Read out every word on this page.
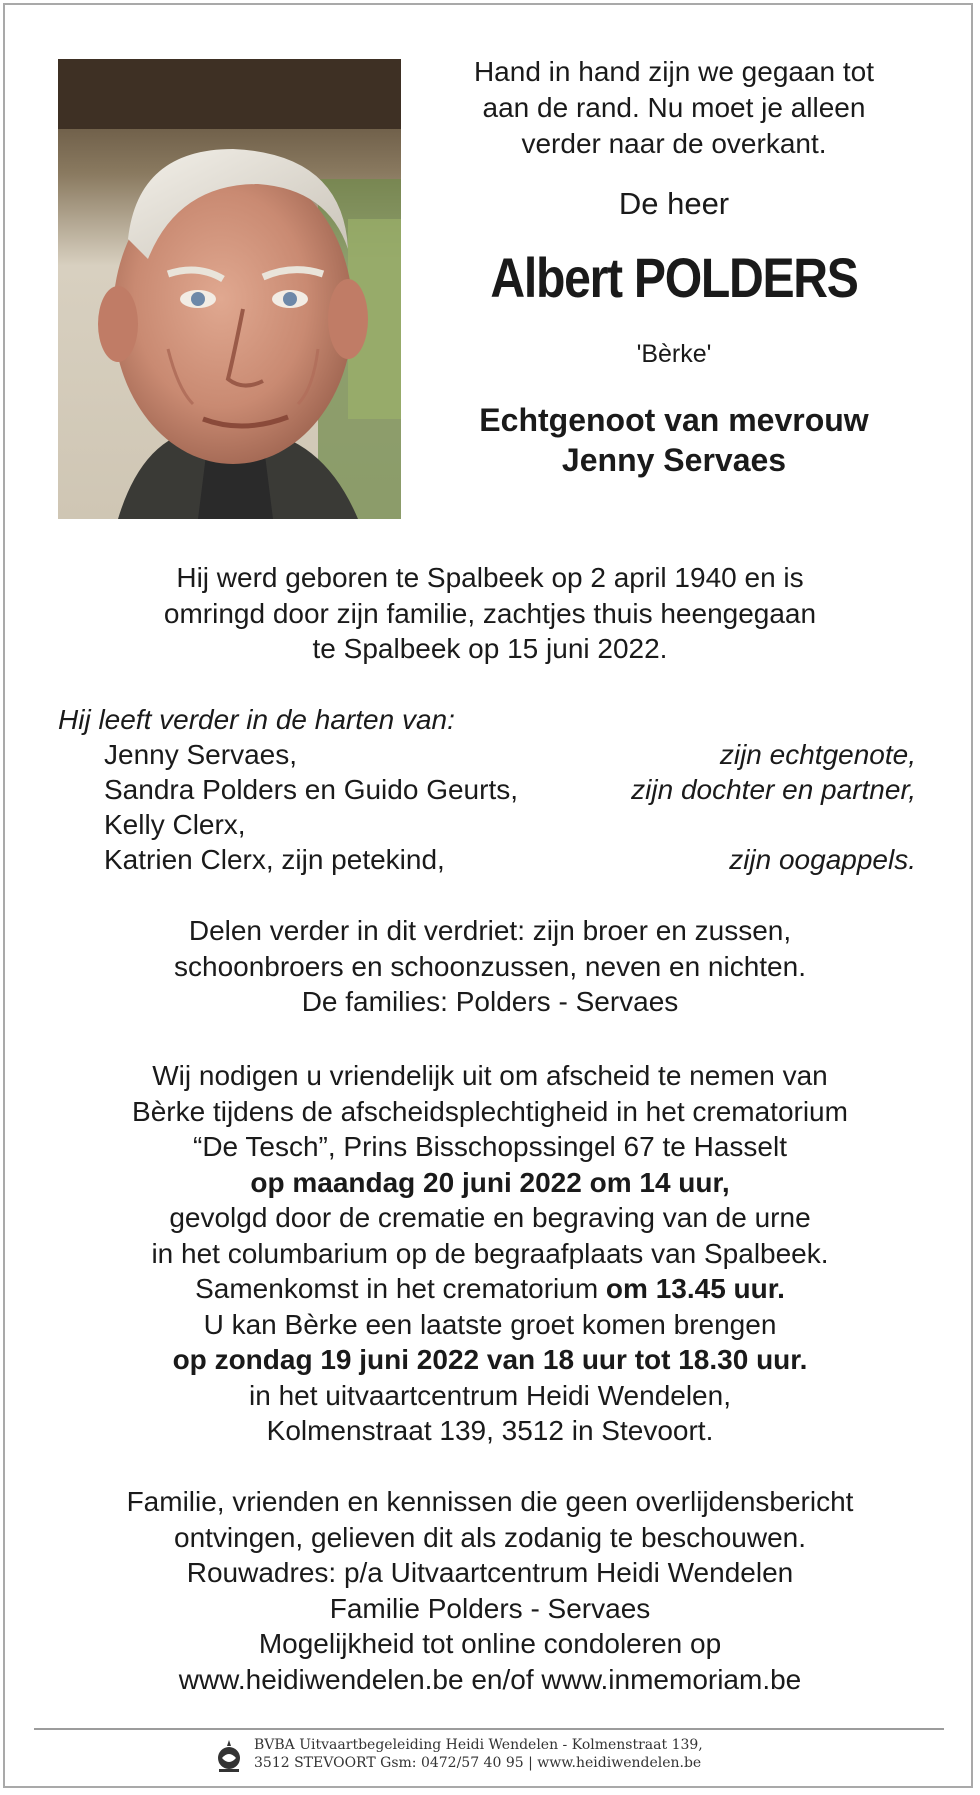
Hand in hand zijn we gegaan tot
aan de rand. Nu moet je alleen
verder naar de overkant.
De heer
Albert POLDERS
'Bèrke'
Echtgenoot van mevrouw
Jenny Servaes
Hij werd geboren te Spalbeek op 2 april 1940 en is
omringd door zijn familie, zachtjes thuis heengegaan
te Spalbeek op 15 juni 2022.
Hij leeft verder in de harten van:
Jenny Servaes,	zijn echtgenote,
Sandra Polders en Guido Geurts,	zijn dochter en partner,
Kelly Clerx,
Katrien Clerx, zijn petekind,	zijn oogappels.
Delen verder in dit verdriet: zijn broer en zussen,
schoonbroers en schoonzussen, neven en nichten.
De families: Polders - Servaes
Wij nodigen u vriendelijk uit om afscheid te nemen van
Bèrke tijdens de afscheidsplechtigheid in het crematorium
“De Tesch”, Prins Bisschopssingel 67 te Hasselt
op maandag 20 juni 2022 om 14 uur,
gevolgd door de crematie en begraving van de urne
in het columbarium op de begraafplaats van Spalbeek.
Samenkomst in het crematorium om 13.45 uur.
U kan Bèrke een laatste groet komen brengen
op zondag 19 juni 2022 van 18 uur tot 18.30 uur.
in het uitvaartcentrum Heidi Wendelen,
Kolmenstraat 139, 3512 in Stevoort.
Familie, vrienden en kennissen die geen overlijdensbericht
ontvingen, gelieven dit als zodanig te beschouwen.
Rouwadres: p/a Uitvaartcentrum Heidi Wendelen
Familie Polders - Servaes
Mogelijkheid tot online condoleren op
www.heidiwendelen.be en/of www.inmemoriam.be
BVBA Uitvaartbegeleiding Heidi Wendelen - Kolmenstraat 139,
3512 STEVOORT Gsm: 0472/57 40 95 | www.heidiwendelen.be
